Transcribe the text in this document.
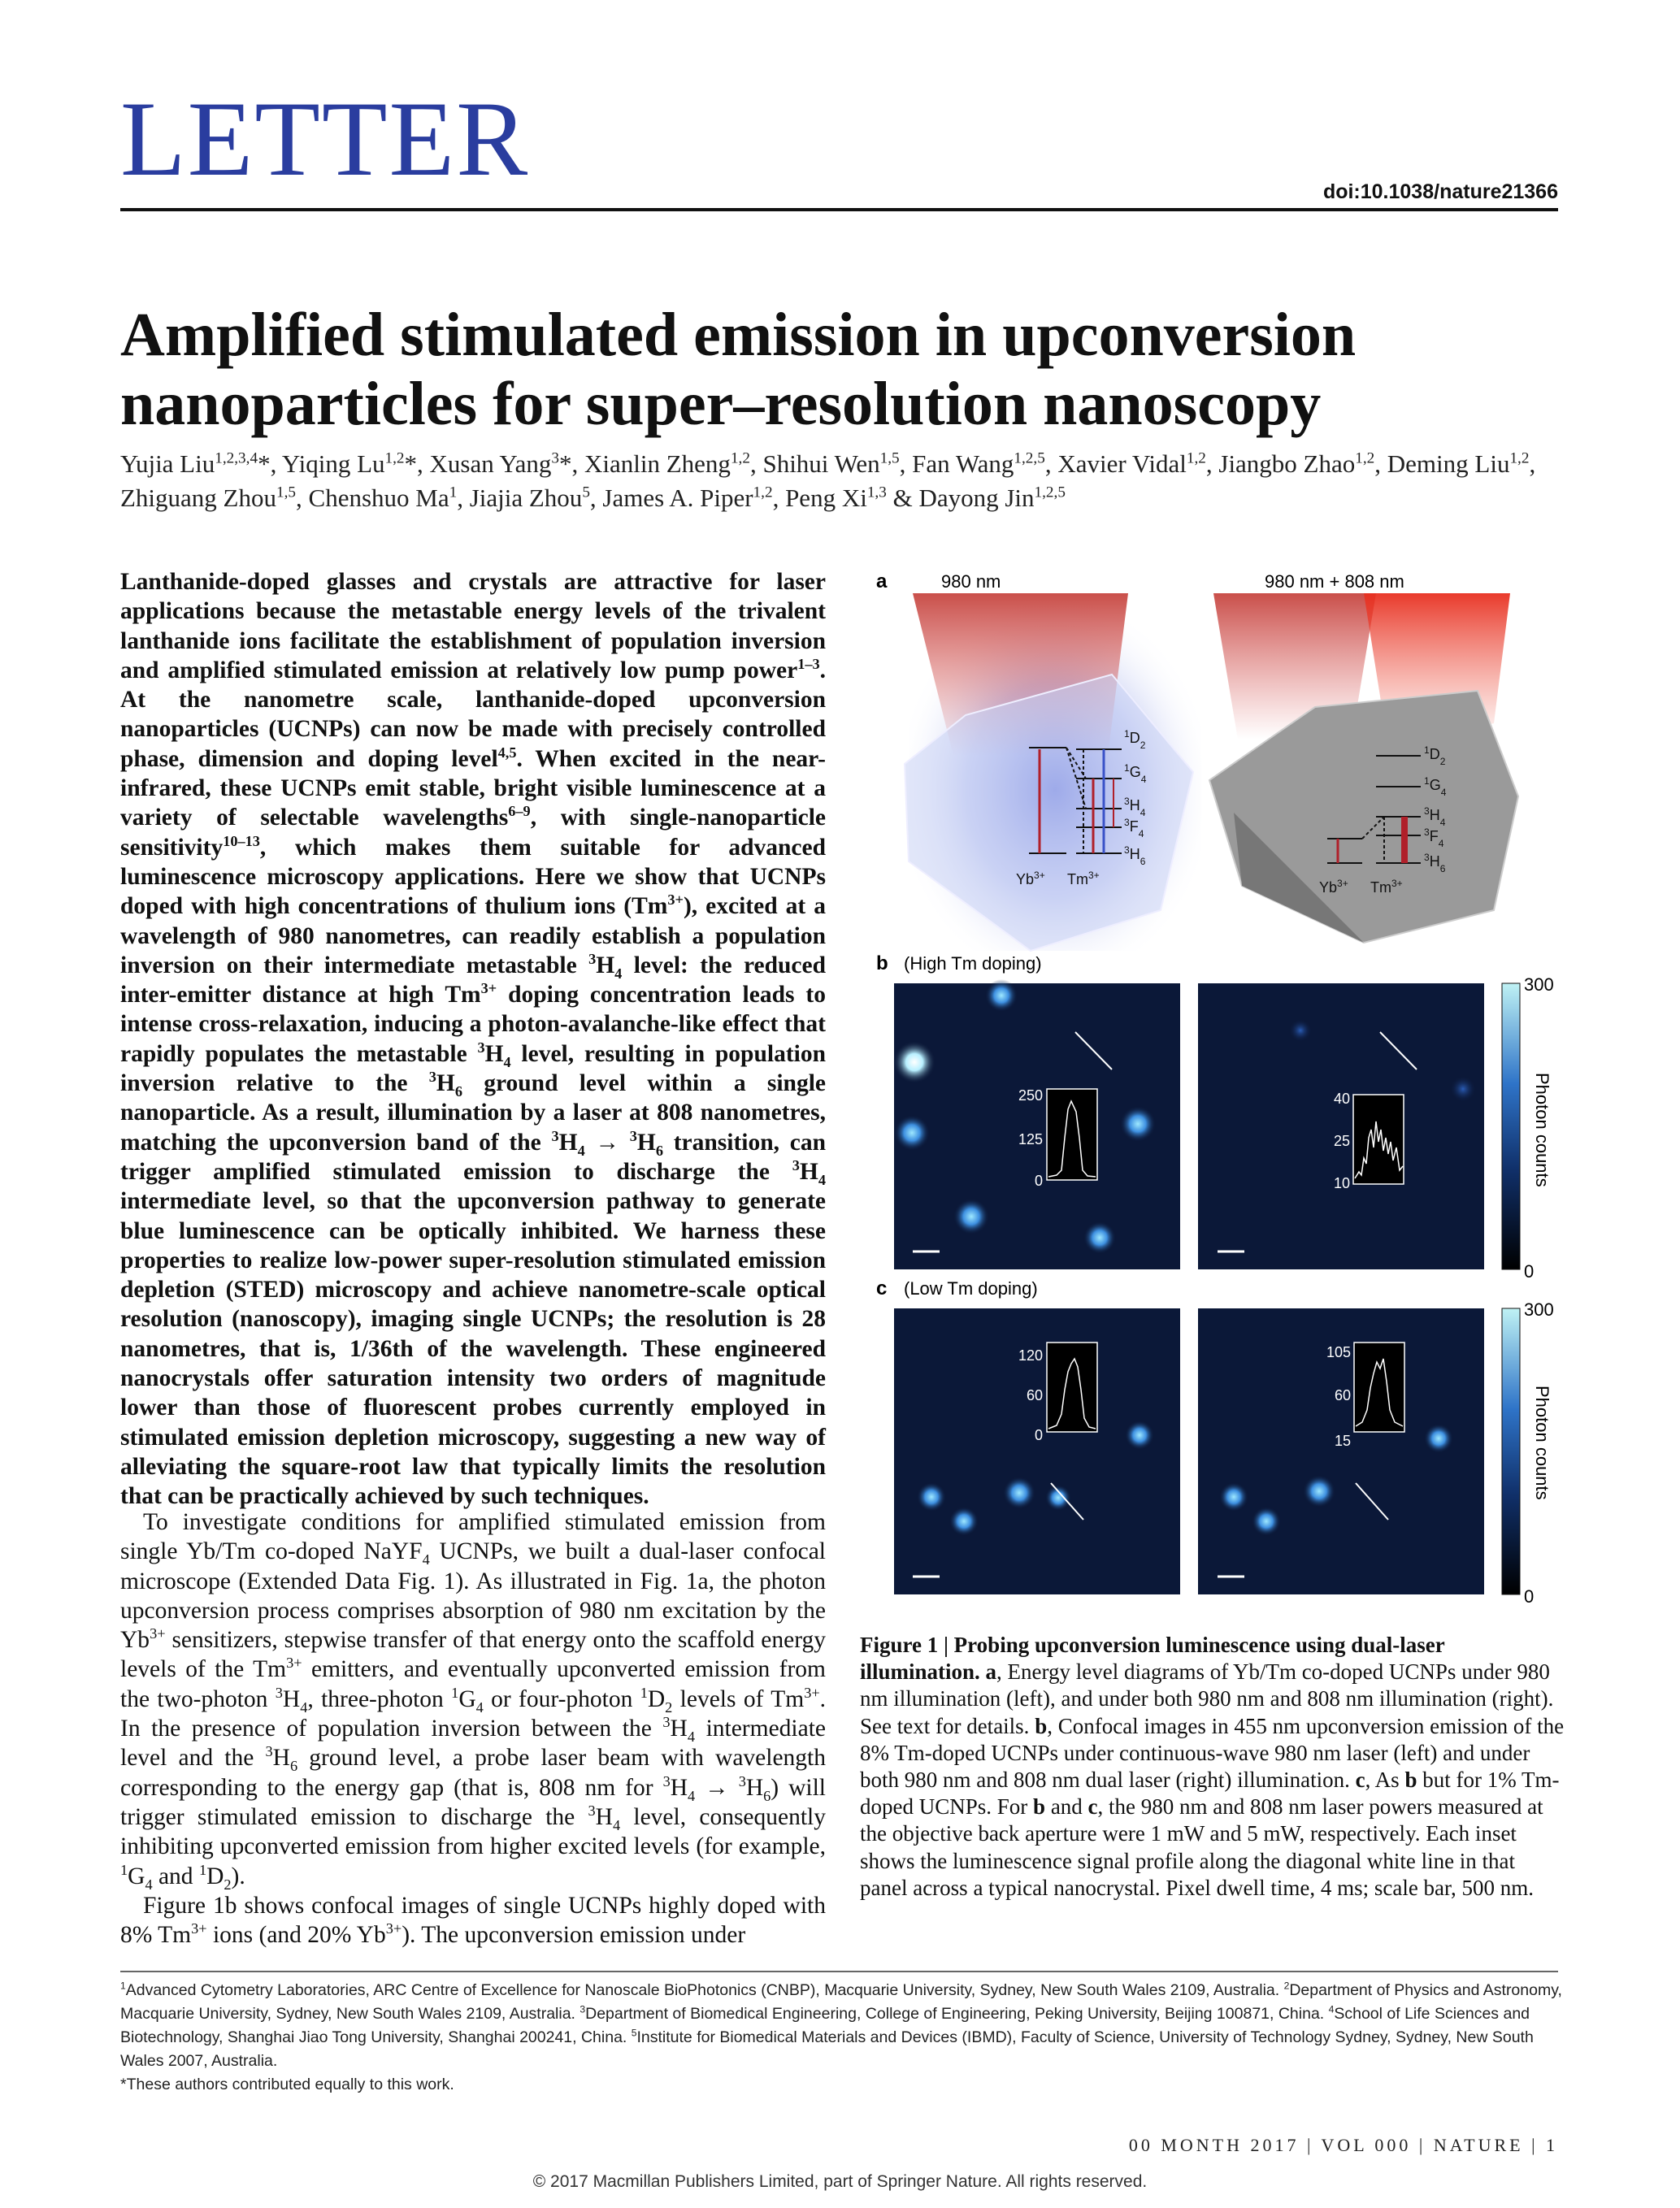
LETTER	doi:10.1038/nature21366
Amplified stimulated emission in upconversion
nanoparticles for super–resolution nanoscopy
Yujia Liu$^{1,2,3,4}$*, Yiqing Lu$^{1,2}$*, Xusan Yang$^3$*, Xianlin Zheng$^{1,2}$, Shihui Wen$^{1,5}$, Fan Wang$^{1,2,5}$, Xavier Vidal$^{1,2}$, Jiangbo Zhao$^{1,2}$, Deming Liu$^{1,2}$, Zhiguang Zhou$^{1,5}$, Chenshuo Ma$^1$, Jiajia Zhou$^5$, James A. Piper$^{1,2}$, Peng Xi$^{1,3}$ & Dayong Jin$^{1,2,5}$
Lanthanide-doped glasses and crystals are attractive for laser applications because the metastable energy levels of the trivalent lanthanide ions facilitate the establishment of population inversion and amplified stimulated emission at relatively low pump power$^{1-3}$. At the nanometre scale, lanthanide-doped upconversion nanoparticles (UCNPs) can now be made with precisely controlled phase, dimension and doping level$^{4,5}$. When excited in the near-infrared, these UCNPs emit stable, bright visible luminescence at a variety of selectable wavelengths$^{6-9}$, with single-nanoparticle sensitivity$^{10-13}$, which makes them suitable for advanced luminescence microscopy applications. Here we show that UCNPs doped with high concentrations of thulium ions $(Tm^{3+})$, excited at a wavelength of 980 nanometres, can readily establish a population inversion on their intermediate metastable $^3H_4$ level: the reduced inter-emitter distance at high $Tm^{3+}$ doping concentration leads to intense cross-relaxation, inducing a photon-avalanche-like effect that rapidly populates the metastable $^3H_4$ level, resulting in population inversion relative to the $^3H_6$ ground level within a single nanoparticle. As a result, illumination by a laser at 808 nanometres, matching the upconversion band of the $^3H_4 \to ^3H_6$ transition, can trigger amplified stimulated emission to discharge the $^3H_4$ intermediate level, so that the upconversion pathway to generate blue luminescence can be optically inhibited. We harness these properties to realize low-power super-resolution stimulated emission depletion (STED) microscopy and achieve nanometre-scale optical resolution (nanoscopy), imaging single UCNPs; the resolution is 28 nanometres, that is, 1/36th of the wavelength. These engineered nanocrystals offer saturation intensity two orders of magnitude lower than those of fluorescent probes currently employed in stimulated emission depletion microscopy, suggesting a new way of alleviating the square-root law that typically limits the resolution that can be practically achieved by such techniques.

To investigate conditions for amplified stimulated emission from single Yb/Tm co-doped NaYF$_4$ UCNPs, we built a dual-laser confocal microscope (Extended Data Fig. 1). As illustrated in Fig. 1a, the photon upconversion process comprises absorption of 980 nm excitation by the $Yb^{3+}$ sensitizers, stepwise transfer of that energy onto the scaffold energy levels of the $Tm^{3+}$ emitters, and eventually upconverted emission from the two-photon $^3H_4$, three-photon $^1G_4$ or four-photon $^1D_2$ levels of $Tm^{3+}$. In the presence of population inversion between the $^3H_4$ intermediate level and the $^3H_6$ ground level, a probe laser beam with wavelength corresponding to the energy gap (that is, 808 nm for $^3H_4 \to ^3H_6$) will trigger stimulated emission to discharge the $^3H_4$ level, consequently inhibiting upconverted emission from higher excited levels (for example, $^1G_4$ and $^1D_2$).

Figure 1b shows confocal images of single UCNPs highly doped with 8% $Tm^{3+}$ ions (and 20% $Yb^{3+}$). The upconversion emission under

a	980 nm	980 nm + 808 nm
$^1D_2$
$^1G_4$
$^3H_4$
$^3F_4$
$^3H_6$
$Yb^{3+}$ $Tm^{3+}$
$^1D_2$
$^1G_4$
$^3H_4$
$^3F_4$
$^3H_6$
$Yb^{3+}$ $Tm^{3+}$
b (High Tm doping)
250
125
0
40
25
10
300
0
Photon counts
c (Low Tm doping)
120
60
0
105
60
15
300
0
Photon counts
Figure 1 | Probing upconversion luminescence using dual-laser illumination. a, Energy level diagrams of Yb/Tm co-doped UCNPs under 980 nm illumination (left), and under both 980 nm and 808 nm illumination (right). See text for details. b, Confocal images in 455 nm upconversion emission of the 8% Tm-doped UCNPs under continuous-wave 980 nm laser (left) and under both 980 nm and 808 nm dual laser (right) illumination. c, As b but for 1% Tm-doped UCNPs. For b and c, the 980 nm and 808 nm laser powers measured at the objective back aperture were 1 mW and 5 mW, respectively. Each inset shows the luminescence signal profile along the diagonal white line in that panel across a typical nanocrystal. Pixel dwell time, 4 ms; scale bar, 500 nm.
$^1$Advanced Cytometry Laboratories, ARC Centre of Excellence for Nanoscale BioPhotonics (CNBP), Macquarie University, Sydney, New South Wales 2109, Australia. $^2$Department of Physics and Astronomy, Macquarie University, Sydney, New South Wales 2109, Australia. $^3$Department of Biomedical Engineering, College of Engineering, Peking University, Beijing 100871, China. $^4$School of Life Sciences and Biotechnology, Shanghai Jiao Tong University, Shanghai 200241, China. $^5$Institute for Biomedical Materials and Devices (IBMD), Faculty of Science, University of Technology Sydney, Sydney, New South Wales 2007, Australia.
*These authors contributed equally to this work.
00 MONTH 2017 | VOL 000 | NATURE | 1
© 2017 Macmillan Publishers Limited, part of Springer Nature. All rights reserved.
